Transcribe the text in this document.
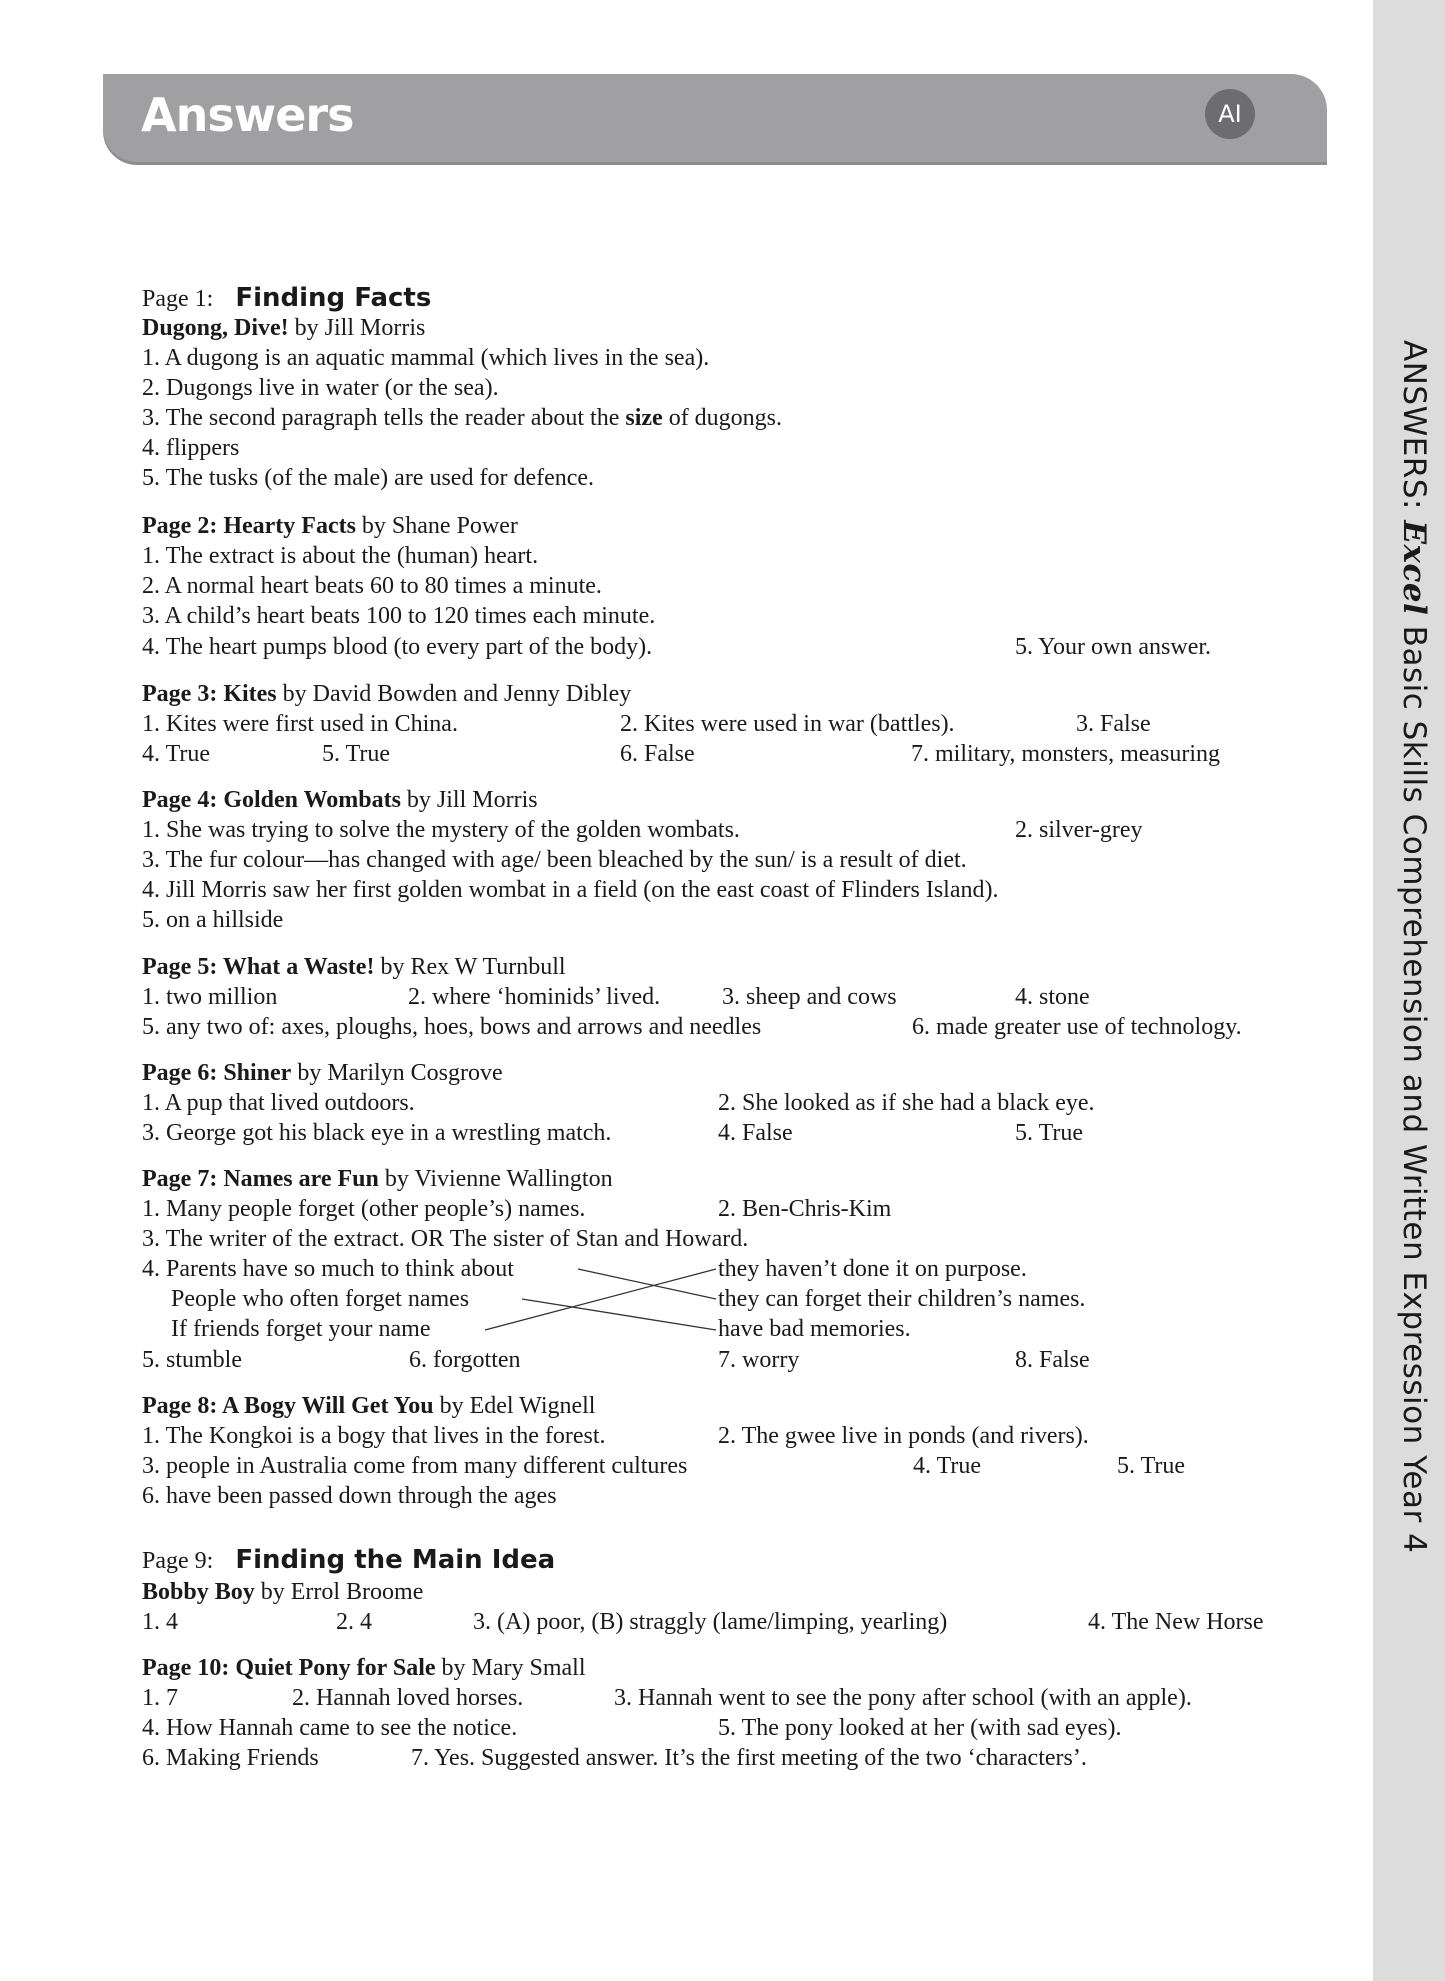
Answers	AI
ANSWERS: Excel Basic Skills Comprehension and Written Expression Year 4
Page 1: Finding Facts
Dugong, Dive! by Jill Morris
1. A dugong is an aquatic mammal (which lives in the sea).
2. Dugongs live in water (or the sea).
3. The second paragraph tells the reader about the size of dugongs.
4. flippers
5. The tusks (of the male) are used for defence.
Page 2: Hearty Facts by Shane Power
1. The extract is about the (human) heart.
2. A normal heart beats 60 to 80 times a minute.
3. A child’s heart beats 100 to 120 times each minute.
4. The heart pumps blood (to every part of the body).	5. Your own answer.
Page 3: Kites by David Bowden and Jenny Dibley
1. Kites were first used in China.	2. Kites were used in war (battles).	3. False
4. True	5. True	6. False	7. military, monsters, measuring
Page 4: Golden Wombats by Jill Morris
1. She was trying to solve the mystery of the golden wombats.	2. silver-grey
3. The fur colour—has changed with age/ been bleached by the sun/ is a result of diet.
4. Jill Morris saw her first golden wombat in a field (on the east coast of Flinders Island).
5. on a hillside
Page 5: What a Waste! by Rex W Turnbull
1. two million	2. where ‘hominids’ lived.	3. sheep and cows	4. stone
5. any two of: axes, ploughs, hoes, bows and arrows and needles	6. made greater use of technology.
Page 6: Shiner by Marilyn Cosgrove
1. A pup that lived outdoors.	2. She looked as if she had a black eye.
3. George got his black eye in a wrestling match.	4. False	5. True
Page 7: Names are Fun by Vivienne Wallington
1. Many people forget (other people’s) names.	2. Ben-Chris-Kim
3. The writer of the extract. OR The sister of Stan and Howard.
4. Parents have so much to think about
People who often forget names
If friends forget your name
they haven’t done it on purpose.
they can forget their children’s names.
have bad memories.
5. stumble	6. forgotten	7. worry	8. False
Page 8: A Bogy Will Get You by Edel Wignell
1. The Kongkoi is a bogy that lives in the forest.	2. The gwee live in ponds (and rivers).
3. people in Australia come from many different cultures	4. True	5. True
6. have been passed down through the ages
Page 9: Finding the Main Idea
Bobby Boy by Errol Broome
1. 4	2. 4	3. (A) poor, (B) straggly (lame/limping, yearling)	4. The New Horse
Page 10: Quiet Pony for Sale by Mary Small
1. 7	2. Hannah loved horses.	3. Hannah went to see the pony after school (with an apple).
4. How Hannah came to see the notice.	5. The pony looked at her (with sad eyes).
6. Making Friends	7. Yes. Suggested answer. It’s the first meeting of the two ‘characters’.
